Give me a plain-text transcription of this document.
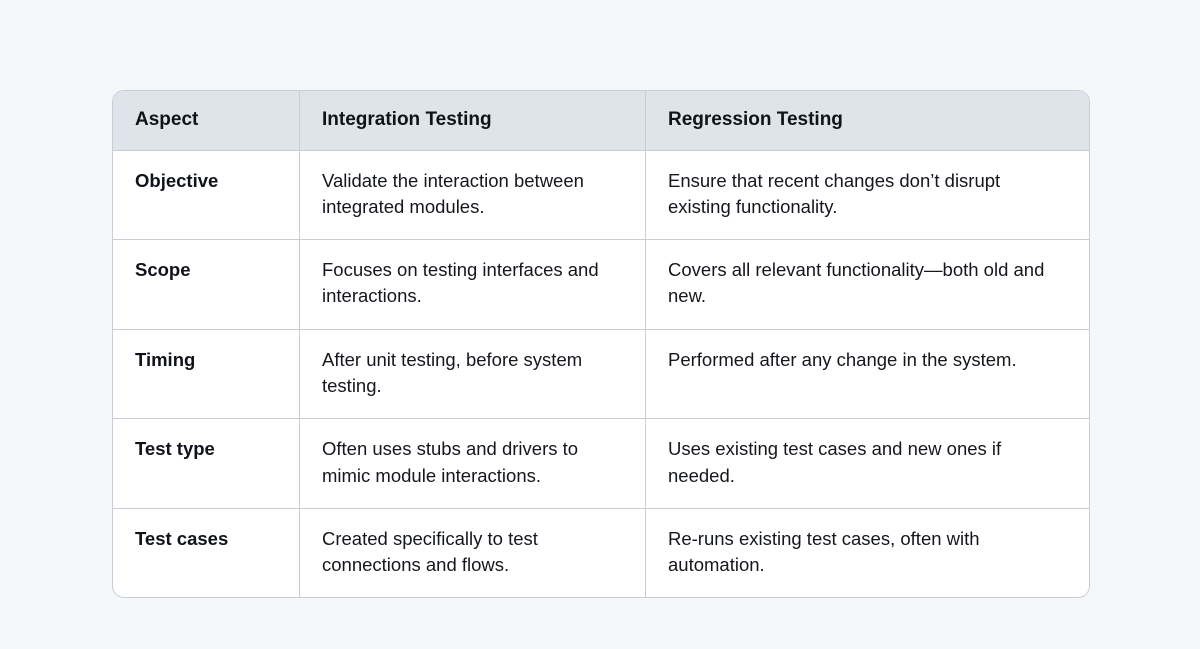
Aspect	Integration Testing	Regression Testing
Objective	Validate the interaction between integrated modules.	Ensure that recent changes don’t disrupt existing functionality.
Scope	Focuses on testing interfaces and interactions.	Covers all relevant functionality—both old and new.
Timing	After unit testing, before system testing.	Performed after any change in the system.
Test type	Often uses stubs and drivers to mimic module interactions.	Uses existing test cases and new ones if needed.
Test cases	Created specifically to test connections and flows.	Re-runs existing test cases, often with automation.
